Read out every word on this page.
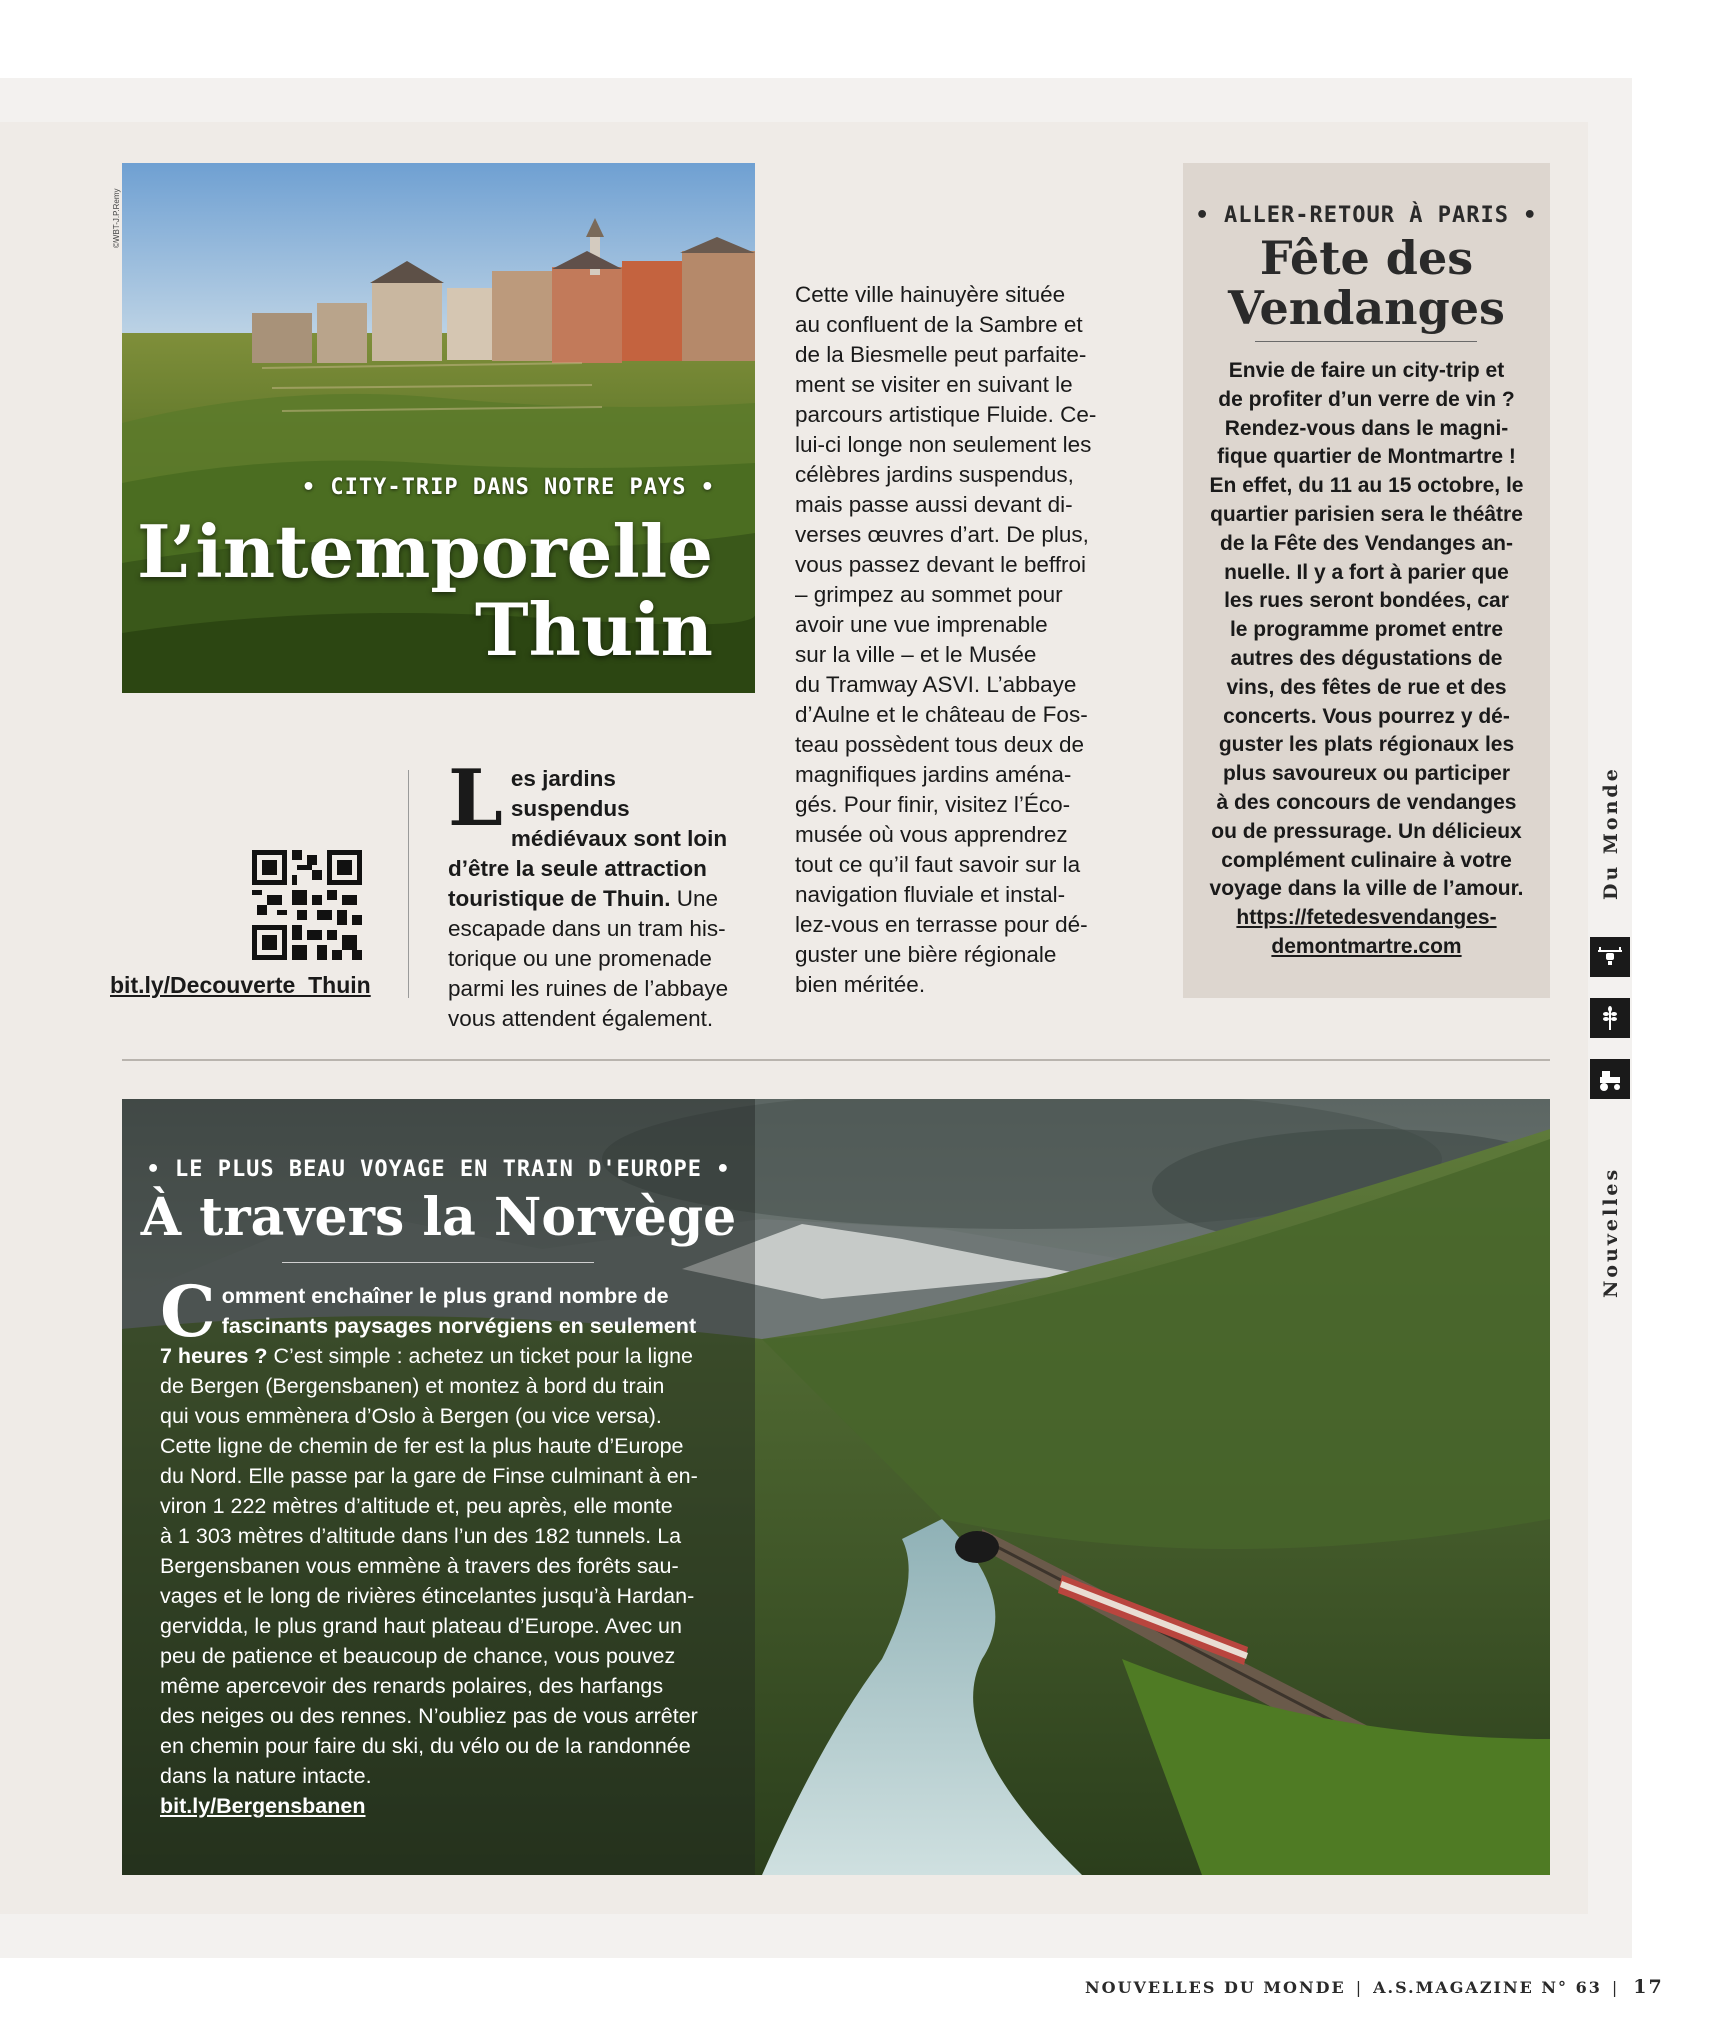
©WBT-J.P.Remy
• CITY-TRIP DANS NOTRE PAYS •
L’intemporelle
Thuin
bit.ly/Decouverte_Thuin
L es jardins suspendus
médiévaux sont loin
d’être la seule attraction
touristique de Thuin. Une
escapade dans un tram his-
torique ou une promenade
parmi les ruines de l’abbaye
vous attendent également.
Cette ville hainuyère située
au confluent de la Sambre et
de la Biesmelle peut parfaite-
ment se visiter en suivant le
parcours artistique Fluide. Ce-
lui-ci longe non seulement les
célèbres jardins suspendus,
mais passe aussi devant di-
verses œuvres d’art. De plus,
vous passez devant le beffroi
– grimpez au sommet pour
avoir une vue imprenable
sur la ville – et le Musée
du Tramway ASVI. L’abbaye
d’Aulne et le château de Fos-
teau possèdent tous deux de
magnifiques jardins aména-
gés. Pour finir, visitez l’Éco-
musée où vous apprendrez
tout ce qu’il faut savoir sur la
navigation fluviale et instal-
lez-vous en terrasse pour dé-
guster une bière régionale
bien méritée.
• ALLER-RETOUR À PARIS •
Fête des
Vendanges
Envie de faire un city-trip et
de profiter d’un verre de vin ?
Rendez-vous dans le magni-
fique quartier de Montmartre !
En effet, du 11 au 15 octobre, le
quartier parisien sera le théâtre
de la Fête des Vendanges an-
nuelle. Il y a fort à parier que
les rues seront bondées, car
le programme promet entre
autres des dégustations de
vins, des fêtes de rue et des
concerts. Vous pourrez y dé-
guster les plats régionaux les
plus savoureux ou participer
à des concours de vendanges
ou de pressurage. Un délicieux
complément culinaire à votre
voyage dans la ville de l’amour.
https://fetedesvendanges-
demontmartre.com
• LE PLUS BEAU VOYAGE EN TRAIN D'EUROPE •
À travers la Norvège
C omment enchaîner le plus grand nombre de
fascinants paysages norvégiens en seulement
7 heures ? C’est simple : achetez un ticket pour la ligne
de Bergen (Bergensbanen) et montez à bord du train
qui vous emmènera d’Oslo à Bergen (ou vice versa).
Cette ligne de chemin de fer est la plus haute d’Europe
du Nord. Elle passe par la gare de Finse culminant à en-
viron 1 222 mètres d’altitude et, peu après, elle monte
à 1 303 mètres d’altitude dans l’un des 182 tunnels. La
Bergensbanen vous emmène à travers des forêts sau-
vages et le long de rivières étincelantes jusqu’à Hardan-
gervidda, le plus grand haut plateau d’Europe. Avec un
peu de patience et beaucoup de chance, vous pouvez
même apercevoir des renards polaires, des harfangs
des neiges ou des rennes. N’oubliez pas de vous arrêter
en chemin pour faire du ski, du vélo ou de la randonnée
dans la nature intacte.
bit.ly/Bergensbanen
Du Monde
Nouvelles
NOUVELLES DU MONDE | A.S.MAGAZINE N° 63 | 17
